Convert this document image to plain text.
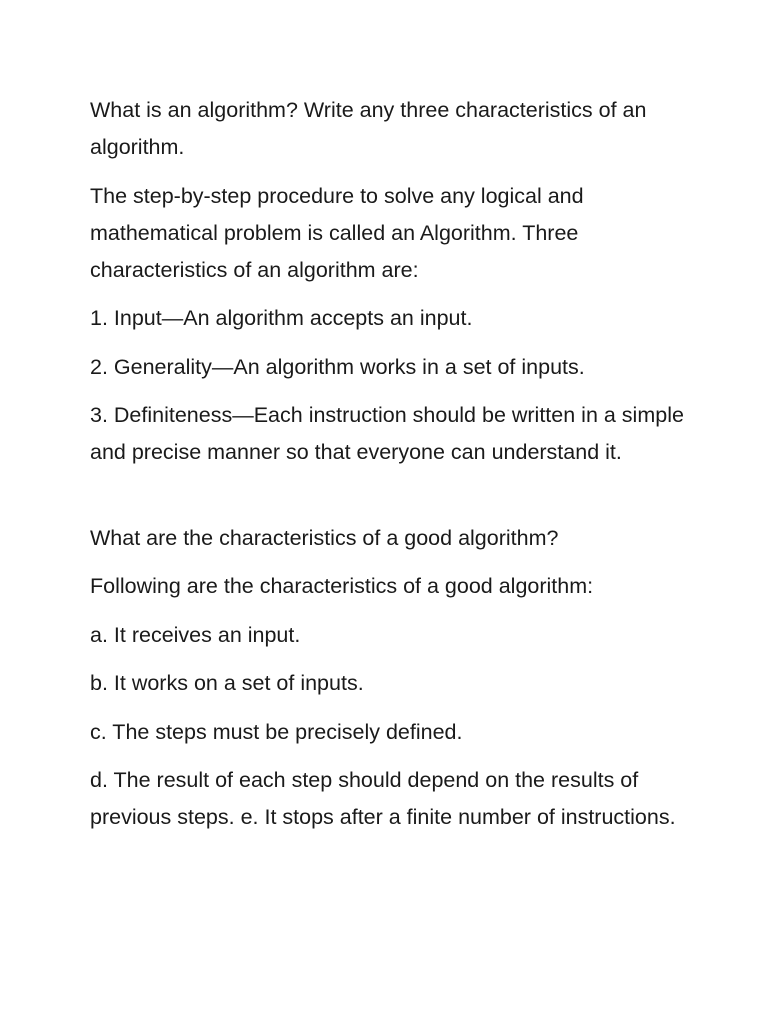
What is an algorithm? Write any three characteristics of an algorithm.

The step-by-step procedure to solve any logical and mathematical problem is called an Algorithm. Three characteristics of an algorithm are:

1. Input—An algorithm accepts an input.

2. Generality—An algorithm works in a set of inputs.

3. Definiteness—Each instruction should be written in a simple and precise manner so that everyone can understand it.

What are the characteristics of a good algorithm?

Following are the characteristics of a good algorithm:

a. It receives an input.

b. It works on a set of inputs.

c. The steps must be precisely defined.

d. The result of each step should depend on the results of previous steps. e. It stops after a finite number of instructions.
